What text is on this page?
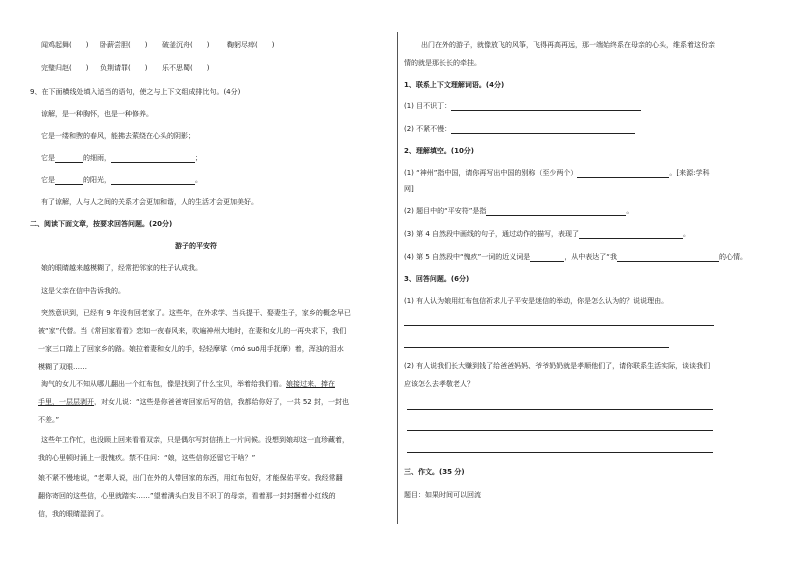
闻鸡起舞(　　) 卧薪尝胆(　　) 破釜沉舟(　　)	鞠躬尽瘁(　　)
完璧归赵(　　) 负荆请罪(　　) 乐不思蜀(　　)
9、在下面横线处填入适当的语句，使之与上下文组成排比句。(4分)
谅解，是一种胸怀，也是一种修养。
它是一缕和煦的春风，能拂去萦绕在心头的阴影；
它是	的细雨，	；
它是	的阳光，	。
有了谅解，人与人之间的关系才会更加和谐，人的生活才会更加美好。
二、阅读下面文章，按要求回答问题。(20分)
游子的平安符
娘的眼睛越来越模糊了，经常把邻家的柱子认成我。
这是父亲在信中告诉我的。
突然意识到，已经有 9 年没有回老家了。这些年，在外求学、当兵提干、娶妻生子，家乡的概念早已
被“家”代替。当《常回家看看》恋如一夜春风来，吹遍神州大地时，在妻和女儿的一再央求下，我们
一家三口踏上了回家乡的路。娘拉着妻和女儿的手，轻轻摩挲（mó suō用手抚摩）着，浑浊的泪水
模糊了双眼……
淘气的女儿不知从哪儿翻出一个红布包，像是找到了什么宝贝，举着给我们看。娘接过来，捧在
手里，一层层剥开，对女儿说：“这些是你爸爸寄回家后写的信，我都给你好了，一共 52 封，一封也
不差。”
这些年工作忙，也没顾上回来看看双亲，只是偶尔写封信捎上一片问候。没想到娘却这一直珍藏着，
我的心里顿时涌上一股愧疚。禁不住问：“娘，这些信你还留它干啥？”
娘不紧不慢地说，“老辈人说，出门在外的人带回家的东西，用红布包好，才能保佑平安。我经常翻
翻你寄回的这些信，心里就踏实……”望着满头白发目不识丁的母亲，看着那一封封捆着小红线的
信，我的眼睛湿润了。
出门在外的游子，就像放飞的风筝，飞得再高再远，那一端始终系在母亲的心头，维系着这份亲
情的就是那长长的牵挂。
1、联系上下文理解词语。(4分)
(1) 目不识丁：
(2) 不紧不慢：
2、理解填空。(10分)
(1) “神州”指中国，请你再写出中国的别称（至少两个）	。[来源:学科
网]
(2) 题目中的“平安符”是指	。
(3) 第 4 自然段中画线的句子，通过动作的描写，表现了	。
(4) 第 5 自然段中“愧疚”一词的近义词是	，从中表达了“我	的心情。
3、回答问题。(6分)
(1) 有人认为娘用红布包信祈求儿子平安是迷信的举动，你是怎么认为的？说说理由。
(2) 有人说我们长大赚到钱了给爸爸妈妈、爷爷奶奶就是孝顺他们了，请你联系生活实际，谈谈我们
应该怎么去孝敬老人？
三、作文。(35 分)
题目：如果时间可以回流
